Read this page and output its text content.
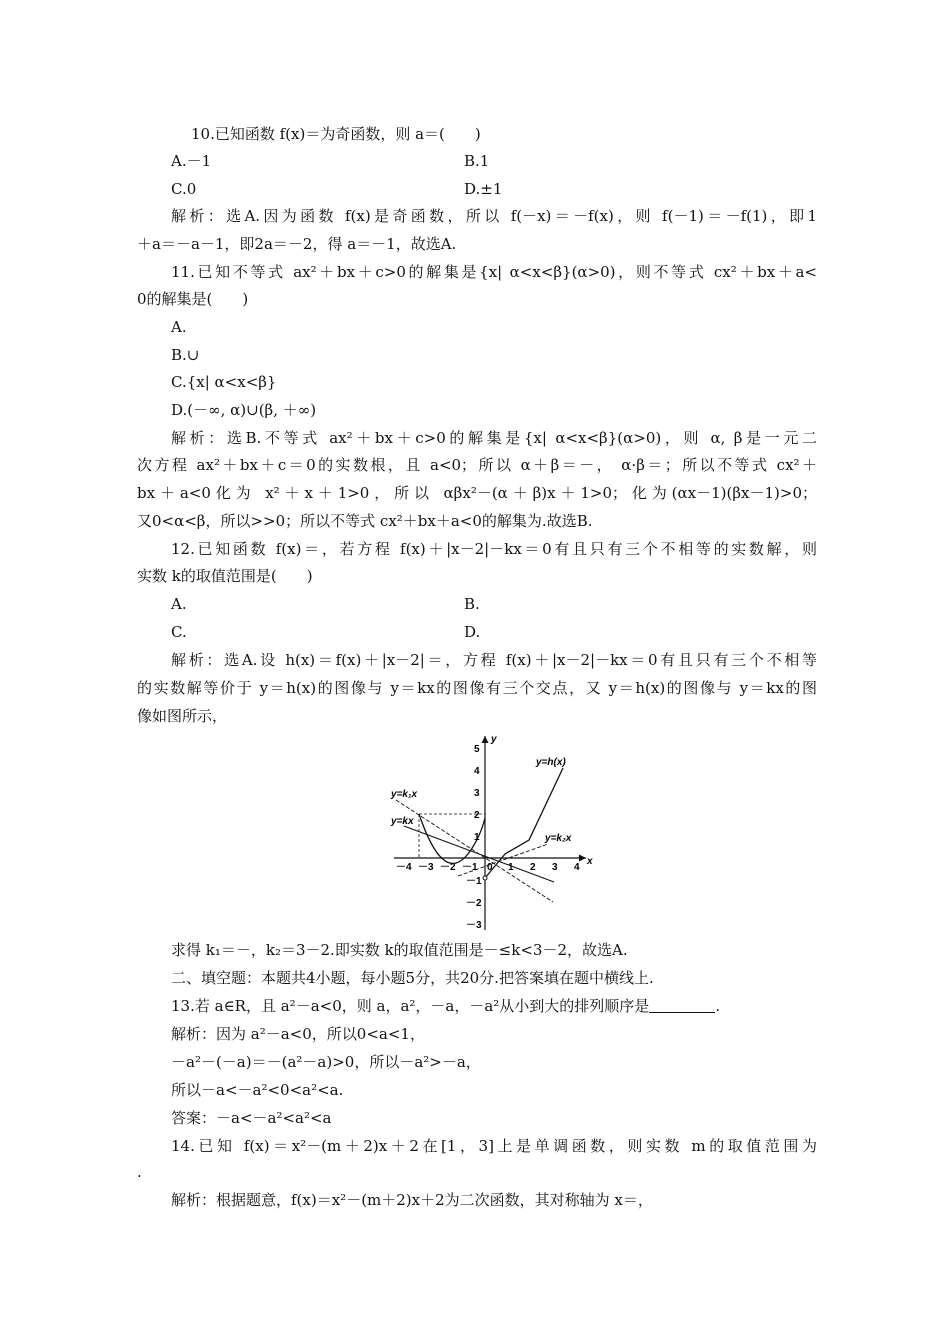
10.已知函数 f(x)＝为奇函数，则 a＝(　　)
A.－1	B.1
C.0	D.±1
解析：选A.因为函数 f(x)是奇函数，所以 f(－x)＝－f(x)，则 f(－1)＝－f(1)，即1
＋a＝－a－1，即2a＝－2，得 a＝－1，故选A.
11.已知不等式 ax²＋bx＋c>0的解集是{x| α<x<β}(α>0)，则不等式 cx²＋bx＋a<
0的解集是(　　)
A.
B.∪
C.{x| α<x<β}
D.(－∞, α)∪(β, ＋∞)
解析：选B.不等式 ax²＋bx＋c>0的解集是{x| α<x<β}(α>0)，则 α, β是一元二
次方程 ax²＋bx＋c＝0的实数根，且 a<0；所以 α＋β＝－， α·β＝；所以不等式 cx²＋
bx＋a<0化为 x²＋x＋1>0，所以 αβx²－(α＋β)x＋1>0；化为(αx－1)(βx－1)>0；
又0<α<β，所以>>0；所以不等式 cx²＋bx＋a<0的解集为.故选B.
12.已知函数 f(x)＝，若方程 f(x)＋|x－2|－kx＝0有且只有三个不相等的实数解，则
实数 k的取值范围是(　　)
A.	B.
C.	D.
解析：选A.设 h(x)＝f(x)＋|x－2|＝，方程 f(x)＋|x－2|－kx＝0有且只有三个不相等
的实数解等价于 y＝h(x)的图像与 y＝kx的图像有三个交点，又 y＝h(x)的图像与 y＝kx的图
像如图所示，
x
y
－4 －3 －2 －1 0 1 2 3 4
5
4
3
2
1
－1
－2
－3
y=h(x)
y=k₁x
y=kx
y=k₂x
求得 k₁＝－，k₂＝3－2.即实数 k的取值范围是－≤k<3－2，故选A.
二、填空题：本题共4小题，每小题5分，共20分.把答案填在题中横线上.
13.若 a∈R，且 a²－a<0，则 a，a²，－a，－a²从小到大的排列顺序是	.
解析：因为 a²－a<0，所以0<a<1，
－a²－(－a)＝－(a²－a)>0，所以－a²>－a，
所以－a<－a²<0<a²<a.
答案：－a<－a²<a²<a
14.已知 f(x)＝x²－(m＋2)x＋2在[1，3]上是单调函数，则实数 m的取值范围为
.
解析：根据题意，f(x)＝x²－(m＋2)x＋2为二次函数，其对称轴为 x＝，
